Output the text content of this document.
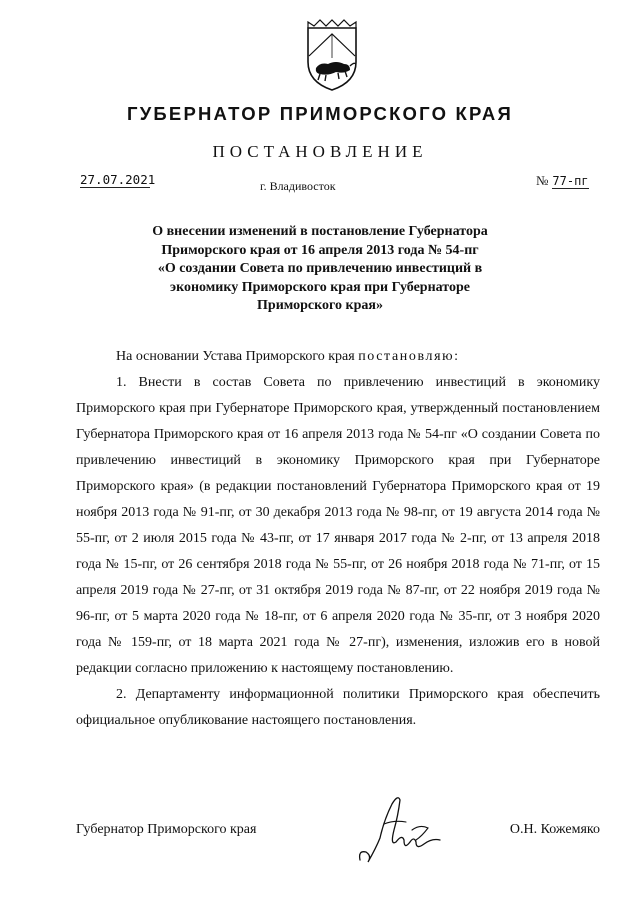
ГУБЕРНАТОР ПРИМОРСКОГО КРАЯ
ПОСТАНОВЛЕНИЕ
27.07.2021	г. Владивосток	№ 77-пг
О внесении изменений в постановление Губернатора
Приморского края от 16 апреля 2013 года № 54-пг
«О создании Совета по привлечению инвестиций в
экономику Приморского края при Губернаторе
Приморского края»

На основании Устава Приморского края постановляю:

1. Внести в состав Совета по привлечению инвестиций в экономику Приморского края при Губернаторе Приморского края, утвержденный постановлением Губернатора Приморского края от 16 апреля 2013 года № 54-пг «О создании Совета по привлечению инвестиций в экономику Приморского края при Губернаторе Приморского края» (в редакции постановлений Губернатора Приморского края от 19 ноября 2013 года № 91-пг, от 30 декабря 2013 года № 98-пг, от 19 августа 2014 года № 55-пг, от 2 июля 2015 года № 43-пг, от 17 января 2017 года № 2-пг, от 13 апреля 2018 года № 15-пг, от 26 сентября 2018 года № 55-пг, от 26 ноября 2018 года № 71-пг, от 15 апреля 2019 года № 27-пг, от 31 октября 2019 года № 87-пг, от 22 ноября 2019 года № 96-пг, от 5 марта 2020 года № 18-пг, от 6 апреля 2020 года № 35-пг, от 3 ноября 2020 года № 159-пг, от 18 марта 2021 года № 27-пг), изменения, изложив его в новой редакции согласно приложению к настоящему постановлению.

2. Департаменту информационной политики Приморского края обеспечить официальное опубликование настоящего постановления.

Губернатор Приморского края	О.Н. Кожемяко
